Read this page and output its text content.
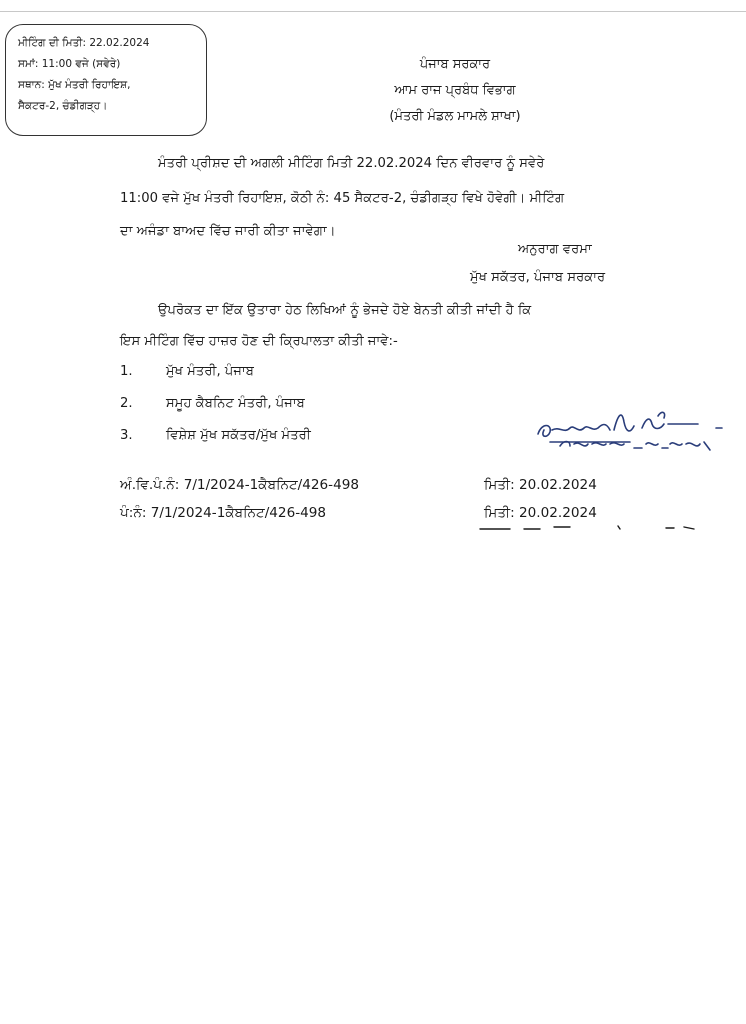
ਮੀਟਿੰਗ ਦੀ ਮਿਤੀ: 22.02.2024
ਸਮਾਂ: 11:00 ਵਜੇ (ਸਵੇਰੇ)
ਸਥਾਨ: ਮੁੱਖ ਮੰਤਰੀ ਰਿਹਾਇਸ਼,
ਸੈਕਟਰ-2, ਚੰਡੀਗੜ੍ਹ।
ਪੰਜਾਬ ਸਰਕਾਰ
ਆਮ ਰਾਜ ਪ੍ਰਬੰਧ ਵਿਭਾਗ
(ਮੰਤਰੀ ਮੰਡਲ ਮਾਮਲੇ ਸ਼ਾਖਾ)
ਮੰਤਰੀ ਪ੍ਰੀਸ਼ਦ ਦੀ ਅਗਲੀ ਮੀਟਿੰਗ ਮਿਤੀ 22.02.2024 ਦਿਨ ਵੀਰਵਾਰ ਨੂੰ ਸਵੇਰੇ
11:00 ਵਜੇ ਮੁੱਖ ਮੰਤਰੀ ਰਿਹਾਇਸ਼, ਕੋਠੀ ਨੰ: 45 ਸੈਕਟਰ-2, ਚੰਡੀਗੜ੍ਹ ਵਿਖੇ ਹੋਵੇਗੀ। ਮੀਟਿੰਗ
ਦਾ ਅਜੰਡਾ ਬਾਅਦ ਵਿੱਚ ਜਾਰੀ ਕੀਤਾ ਜਾਵੇਗਾ।
ਅਨੁਰਾਗ ਵਰਮਾ
ਮੁੱਖ ਸਕੱਤਰ, ਪੰਜਾਬ ਸਰਕਾਰ
ਉਪਰੋਕਤ ਦਾ ਇੱਕ ਉਤਾਰਾ ਹੇਠ ਲਿਖਿਆਂ ਨੂੰ ਭੇਜਦੇ ਹੋਏ ਬੇਨਤੀ ਕੀਤੀ ਜਾਂਦੀ ਹੈ ਕਿ
ਇਸ ਮੀਟਿੰਗ ਵਿੱਚ ਹਾਜ਼ਰ ਹੋਣ ਦੀ ਕ੍ਰਿਪਾਲਤਾ ਕੀਤੀ ਜਾਵੇ:-
1.	ਮੁੱਖ ਮੰਤਰੀ, ਪੰਜਾਬ
2.	ਸਮੂਹ ਕੈਬਨਿਟ ਮੰਤਰੀ, ਪੰਜਾਬ
3.	ਵਿਸ਼ੇਸ਼ ਮੁੱਖ ਸਕੱਤਰ/ਮੁੱਖ ਮੰਤਰੀ
ਅੰ.ਵਿ.ਪੰ.ਨੰ: 7/1/2024-1ਕੈਬਨਿਟ/426-498	ਮਿਤੀ: 20.02.2024
ਪੰ:ਨੰ: 7/1/2024-1ਕੈਬਨਿਟ/426-498	ਮਿਤੀ: 20.02.2024
